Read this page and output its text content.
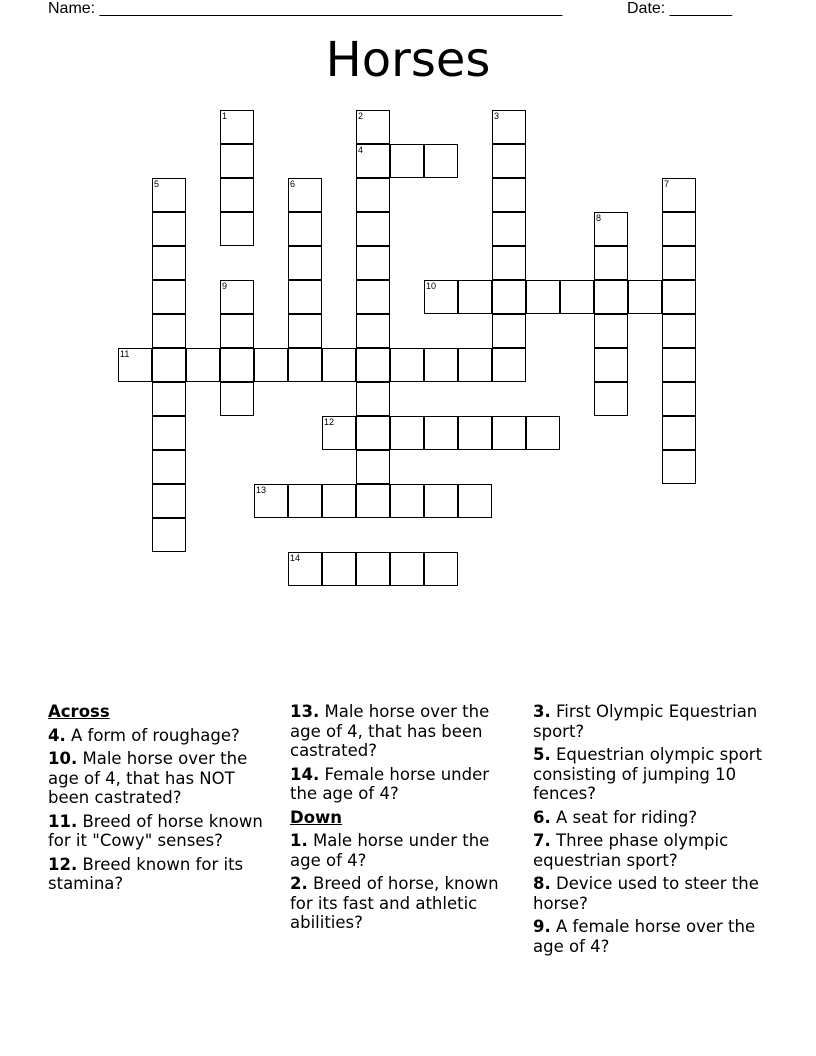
Name: ____________________________________________________	Date: _______
Horses
1	2
4
3
5	6	7
8
9	10
11
12
13
14
Across

4. A form of roughage?

10. Male horse over the age of 4, that has NOT been castrated?

11. Breed of horse known for it "Cowy" senses?

12. Breed known for its stamina?

13. Male horse over the age of 4, that has been castrated?

14. Female horse under the age of 4?

Down

1. Male horse under the age of 4?

2. Breed of horse, known for its fast and athletic abilities?

3. First Olympic Equestrian sport?

5. Equestrian olympic sport consisting of jumping 10 fences?

6. A seat for riding?

7. Three phase olympic equestrian sport?

8. Device used to steer the horse?

9. A female horse over the age of 4?
